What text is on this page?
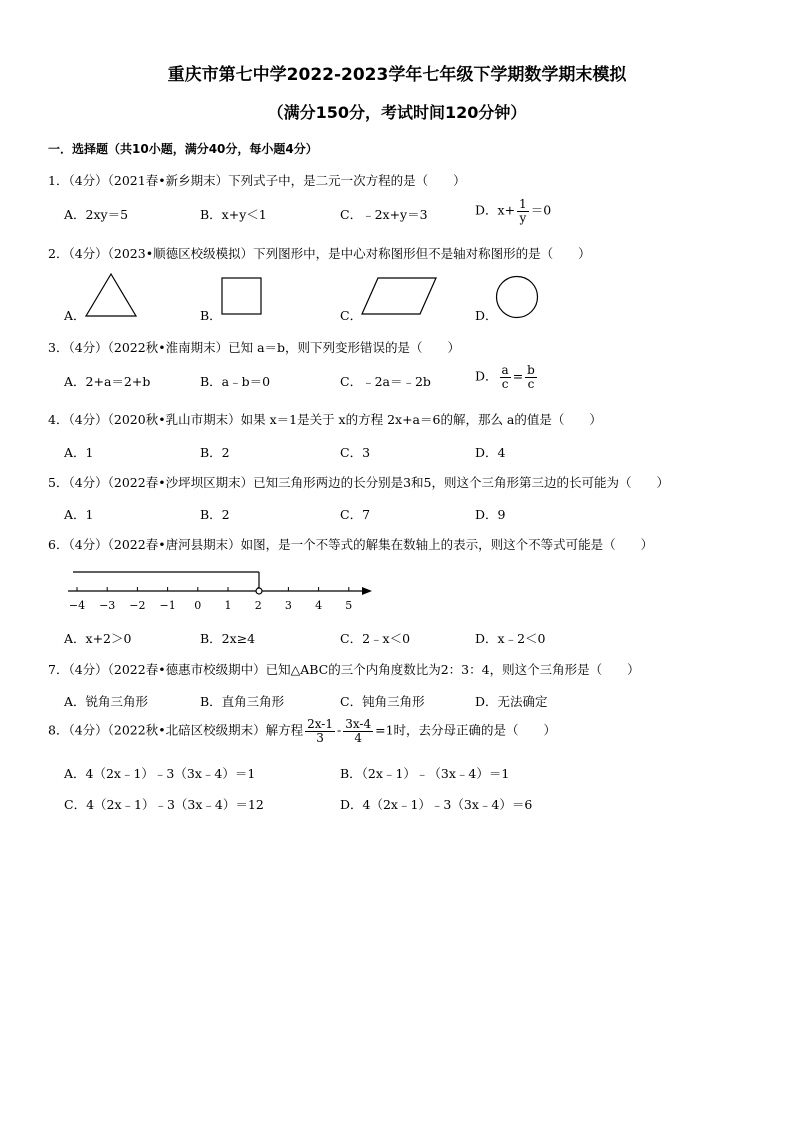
重庆市第七中学2022-2023学年七年级下学期数学期末模拟
（满分150分，考试时间120分钟）
一．选择题（共10小题，满分40分，每小题4分）
1．（4分）（2021春•新乡期末）下列式子中，是二元一次方程的是（　　）
A．2xy＝5	B．x+y＜1	C．﹣2x+y＝3	D．$x+ \frac{1}{y} =0$
2．（4分）（2023•顺德区校级模拟）下列图形中，是中心对称图形但不是轴对称图形的是（　　）
A．	B．	C．	D．
3．（4分）（2022秋•淮南期末）已知 a＝b，则下列变形错误的是（　　）
A．2+a＝2+b	B．a﹣b＝0	C．﹣2a＝﹣2b	D． $\frac{a}{c} = \frac{b}{c}$
4．（4分）（2020秋•乳山市期末）如果 x＝1是关于 x的方程 2x+a＝6的解，那么 a的值是（　　）
A．1	B．2	C．3	D．4
5．（4分）（2022春•沙坪坝区期末）已知三角形两边的长分别是3和5，则这个三角形第三边的长可能为（　　）
A．1	B．2	C．7	D．9
6．（4分）（2022春•唐河县期末）如图，是一个不等式的解集在数轴上的表示，则这个不等式可能是（　　）
−4 −3 −2 −1 0 1 2 3 4 5
A．x+2＞0	B．2x≥4	C．2﹣x＜0	D．x﹣2＜0
7．（4分）（2022春•德惠市校级期中）已知△ABC的三个内角度数比为2：3：4，则这个三角形是（　　）
A．锐角三角形	B．直角三角形	C．钝角三角形	D．无法确定
8．（4分）（2022秋•北碚区校级期末）解方程 $\frac{2x-1}{3} - \frac{3x-4}{4} =1$时，去分母正确的是（　　）
A．4（2x﹣1）﹣3（3x﹣4）＝1	B．（2x﹣1）﹣（3x﹣4）＝1
C．4（2x﹣1）﹣3（3x﹣4）＝12	D．4（2x﹣1）﹣3（3x﹣4）＝6
